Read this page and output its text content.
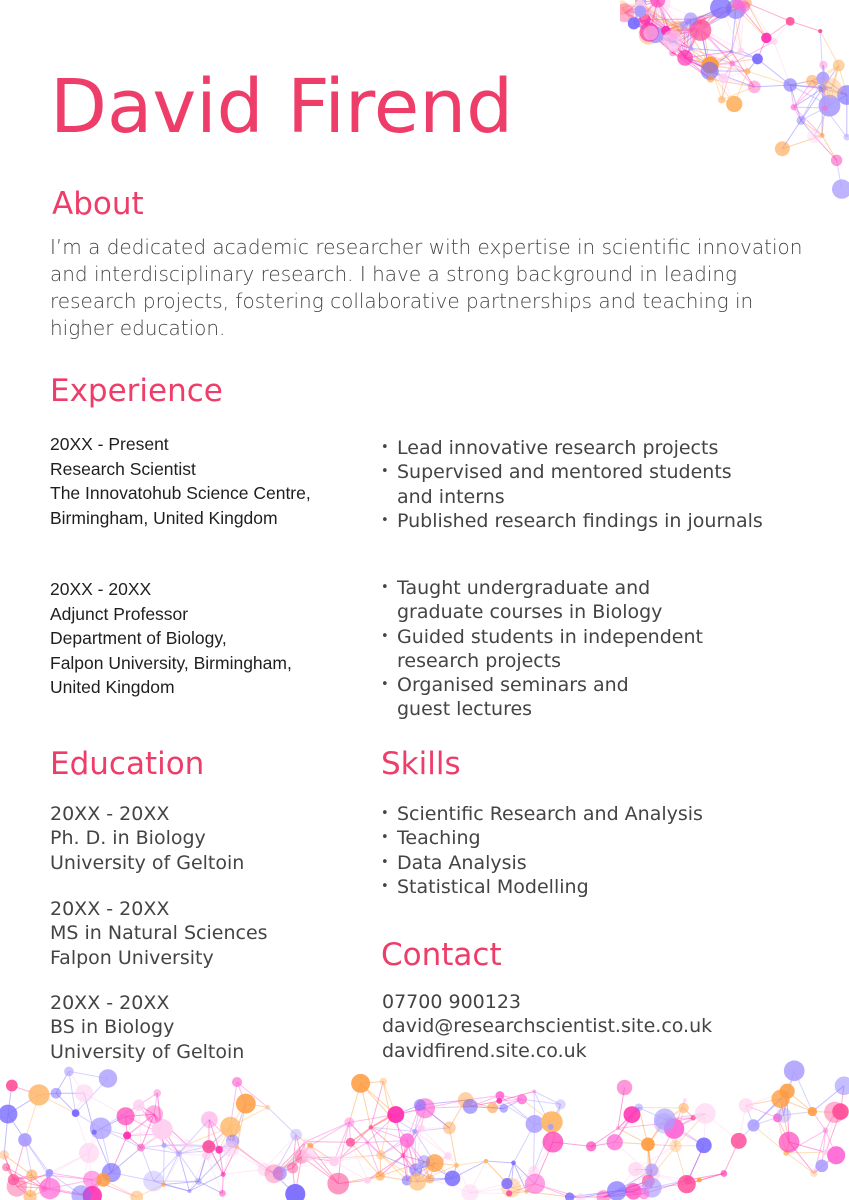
David Firend
About

I’m a dedicated academic researcher with expertise in scientific innovation and interdisciplinary research. I have a strong background in leading research projects, fostering collaborative partnerships and teaching in higher education.

Experience
20XX - Present
Research Scientist
The Innovatohub Science Centre,
Birmingham, United Kingdom
• Lead innovative research projects
• Supervised and mentored students and interns
• Published research findings in journals
20XX - 20XX
Adjunct Professor
Department of Biology,
Falpon University, Birmingham,
United Kingdom
• Taught undergraduate and graduate courses in Biology
• Guided students in independent research projects
• Organised seminars and guest lectures
Education
20XX - 20XX
Ph. D. in Biology
University of Geltoin
20XX - 20XX
MS in Natural Sciences
Falpon University
20XX - 20XX
BS in Biology
University of Geltoin
Skills
• Scientific Research and Analysis
• Teaching
• Data Analysis
• Statistical Modelling
Contact
07700 900123
david@researchscientist.site.co.uk
davidfirend.site.co.uk
